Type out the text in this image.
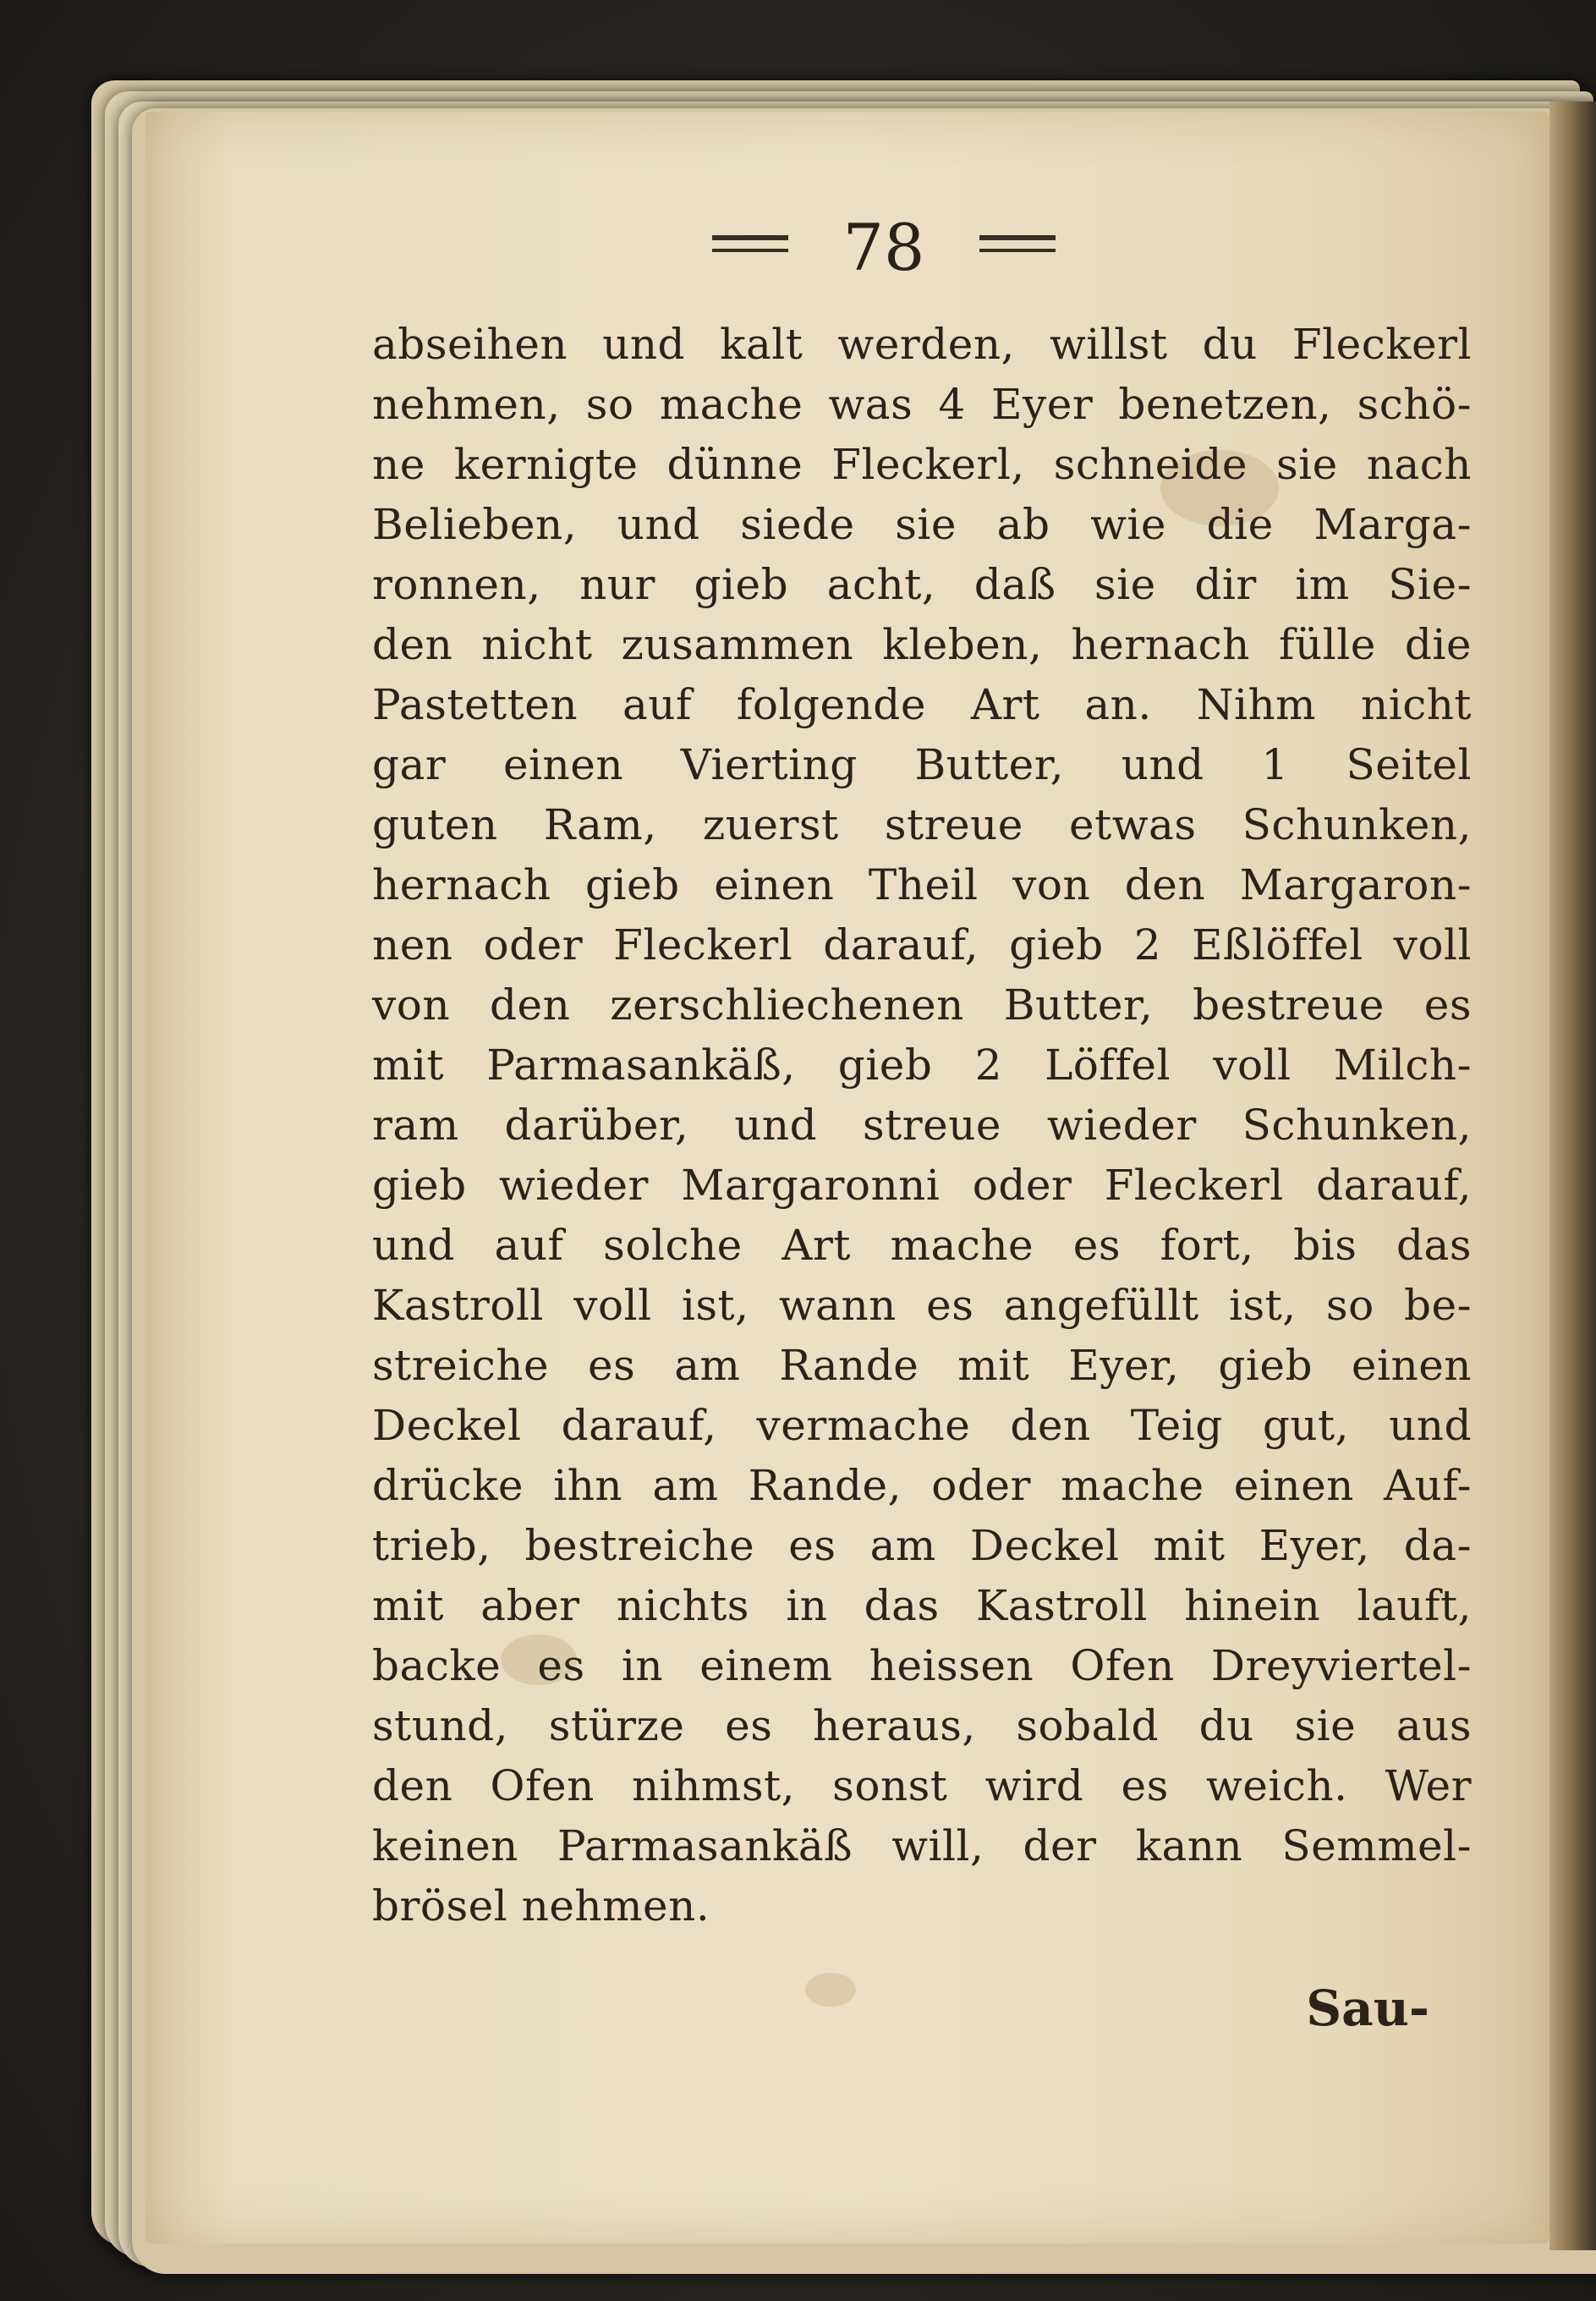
78
abseihen und kalt werden, willst du Fleckerl
nehmen, so mache was 4 Eyer benetzen, schö-
ne kernigte dünne Fleckerl, schneide sie nach
Belieben, und siede sie ab wie die Marga-
ronnen, nur gieb acht, daß sie dir im Sie-
den nicht zusammen kleben, hernach fülle die
Pastetten auf folgende Art an. Nihm nicht
gar einen Vierting Butter, und 1 Seitel
guten Ram, zuerst streue etwas Schunken,
hernach gieb einen Theil von den Margaron-
nen oder Fleckerl darauf, gieb 2 Eßlöffel voll
von den zerschliechenen Butter, bestreue es
mit Parmasankäß, gieb 2 Löffel voll Milch-
ram darüber, und streue wieder Schunken,
gieb wieder Margaronni oder Fleckerl darauf,
und auf solche Art mache es fort, bis das
Kastroll voll ist, wann es angefüllt ist, so be-
streiche es am Rande mit Eyer, gieb einen
Deckel darauf, vermache den Teig gut, und
drücke ihn am Rande, oder mache einen Auf-
trieb, bestreiche es am Deckel mit Eyer, da-
mit aber nichts in das Kastroll hinein lauft,
backe es in einem heissen Ofen Dreyviertel-
stund, stürze es heraus, sobald du sie aus
den Ofen nihmst, sonst wird es weich. Wer
keinen Parmasankäß will, der kann Semmel-
brösel nehmen.
Sau-
